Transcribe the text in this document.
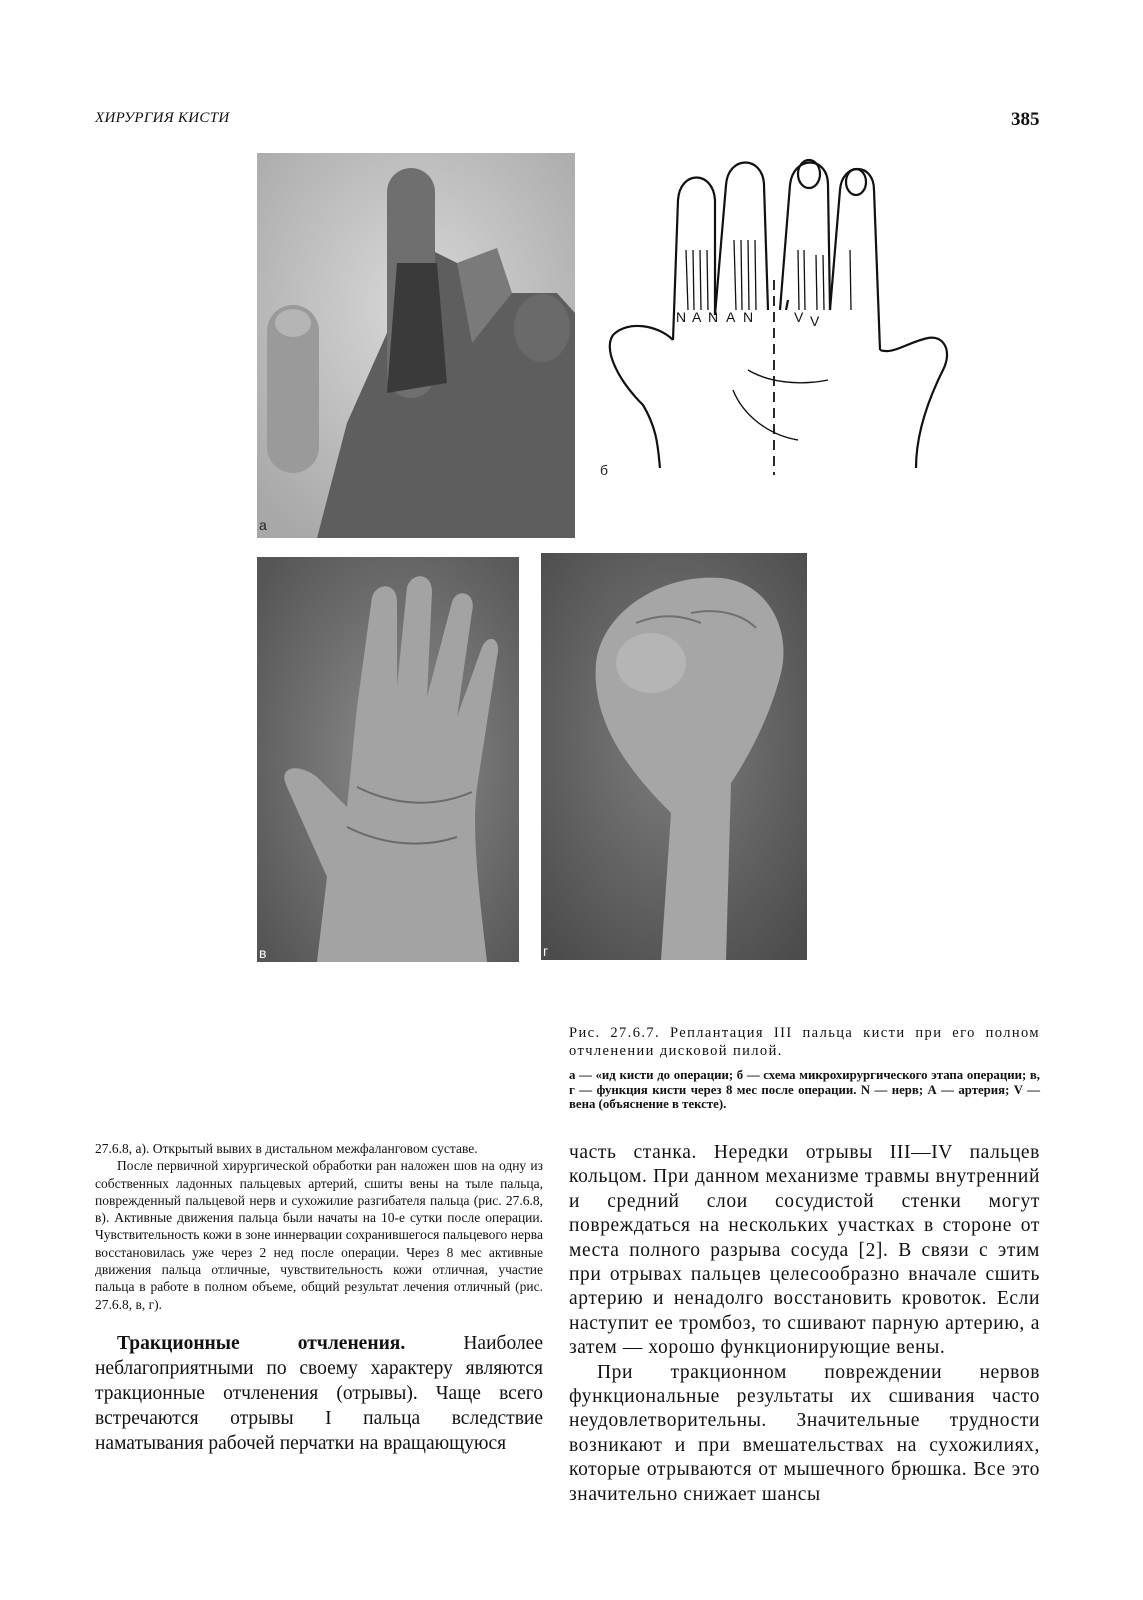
ХИРУРГИЯ КИСТИ	385
а
N A N A N	V V
б
в	г
Рис. 27.6.7. Реплантация III пальца кисти при его полном отчленении дисковой пилой.
а — «ид кисти до операции; б — схема микрохирургического этапа операции; в, г — функция кисти через 8 мес после операции. N — нерв; А — артерия; V — вена (объяснение в тексте).

27.6.8, а). Открытый вывих в дистальном межфаланговом суставе.

После первичной хирургической обработки ран наложен шов на одну из собственных ладонных пальцевых артерий, сшиты вены на тыле пальца, поврежденный пальцевой нерв и сухожилие разгибателя пальца (рис. 27.6.8, в). Активные движения пальца были начаты на 10-е сутки после операции. Чувствительность кожи в зоне иннервации сохранившегося пальцевого нерва восстановилась уже через 2 нед после операции. Через 8 мес активные движения пальца отличные, чувствительность кожи отличная, участие пальца в работе в полном объеме, общий результат лечения отличный (рис. 27.6.8, в, г).

Тракционные отчленения. Наиболее неблагоприятными по своему характеру являются тракционные отчленения (отрывы). Чаще всего встречаются отрывы I пальца вследствие наматывания рабочей перчатки на вращающуюся

часть станка. Нередки отрывы III—IV пальцев кольцом. При данном механизме травмы внутренний и средний слои сосудистой стенки могут повреждаться на нескольких участках в стороне от места полного разрыва сосуда [2]. В связи с этим при отрывах пальцев целесообразно вначале сшить артерию и ненадолго восстановить кровоток. Если наступит ее тромбоз, то сшивают парную артерию, а затем — хорошо функционирующие вены.

При тракционном повреждении нервов функциональные результаты их сшивания часто неудовлетворительны. Значительные трудности возникают и при вмешательствах на сухожилиях, которые отрываются от мышечного брюшка. Все это значительно снижает шансы
